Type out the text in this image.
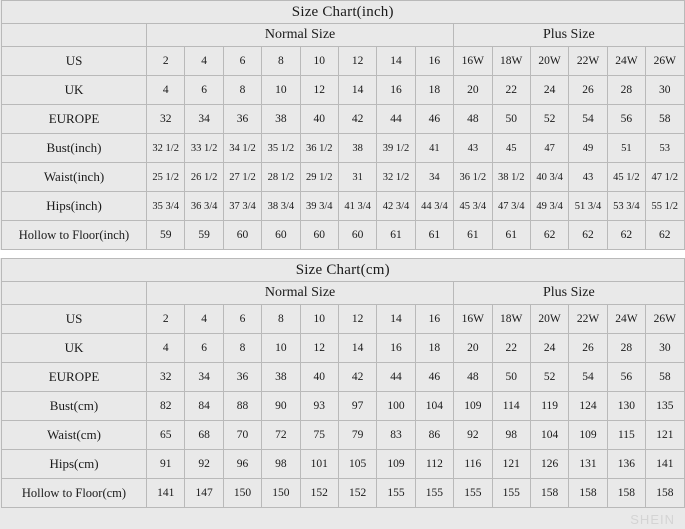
Size Chart(inch)														
	Normal Size								Plus Size					
US	2	4	6	8	10	12	14	16	16W	18W	20W	22W	24W	26W
UK	4	6	8	10	12	14	16	18	20	22	24	26	28	30
EUROPE	32	34	36	38	40	42	44	46	48	50	52	54	56	58
Bust(inch)	32 1/2	33 1/2	34 1/2	35 1/2	36 1/2	38	39 1/2	41	43	45	47	49	51	53
Waist(inch)	25 1/2	26 1/2	27 1/2	28 1/2	29 1/2	31	32 1/2	34	36 1/2	38 1/2	40 3/4	43	45 1/2	47 1/2
Hips(inch)	35 3/4	36 3/4	37 3/4	38 3/4	39 3/4	41 3/4	42 3/4	44 3/4	45 3/4	47 3/4	49 3/4	51 3/4	53 3/4	55 1/2
Hollow to Floor(inch)	59	59	60	60	60	60	61	61	61	61	62	62	62	62
Size Chart(cm)														
	Normal Size								Plus Size					
US	2	4	6	8	10	12	14	16	16W	18W	20W	22W	24W	26W
UK	4	6	8	10	12	14	16	18	20	22	24	26	28	30
EUROPE	32	34	36	38	40	42	44	46	48	50	52	54	56	58
Bust(cm)	82	84	88	90	93	97	100	104	109	114	119	124	130	135
Waist(cm)	65	68	70	72	75	79	83	86	92	98	104	109	115	121
Hips(cm)	91	92	96	98	101	105	109	112	116	121	126	131	136	141
Hollow to Floor(cm)	141	147	150	150	152	152	155	155	155	155	158	158	158	158
SHEIN
